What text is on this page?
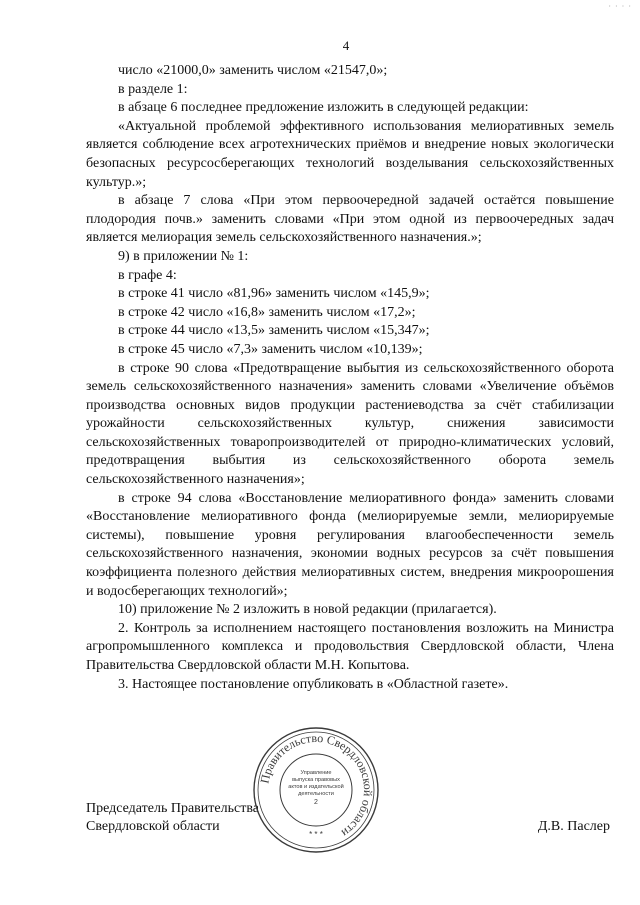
· · · ·
4

число «21000,0» заменить числом «21547,0»;

в разделе 1:

в абзаце 6 последнее предложение изложить в следующей редакции:

«Актуальной проблемой эффективного использования мелиоративных земель является соблюдение всех агротехнических приёмов и внедрение новых экологически безопасных ресурсосберегающих технологий возделывания сельскохозяйственных культур.»;

в абзаце 7 слова «При этом первоочередной задачей остаётся повышение плодородия почв.» заменить словами «При этом одной из первоочередных задач является мелиорация земель сельскохозяйственного назначения.»;

9) в приложении № 1:

в графе 4:

в строке 41 число «81,96» заменить числом «145,9»;

в строке 42 число «16,8» заменить числом «17,2»;

в строке 44 число «13,5» заменить числом «15,347»;

в строке 45 число «7,3» заменить числом «10,139»;

в строке 90 слова «Предотвращение выбытия из сельскохозяйственного оборота земель сельскохозяйственного назначения» заменить словами «Увеличение объёмов производства основных видов продукции растениеводства за счёт стабилизации урожайности сельскохозяйственных культур, снижения зависимости сельскохозяйственных товаропроизводителей от природно-климатических условий, предотвращения выбытия из сельскохозяйственного оборота земель сельскохозяйственного назначения»;

в строке 94 слова «Восстановление мелиоративного фонда» заменить словами «Восстановление мелиоративного фонда (мелиорируемые земли, мелиорируемые системы), повышение уровня регулирования влагообеспеченности земель сельскохозяйственного назначения, экономии водных ресурсов за счёт повышения коэффициента полезного действия мелиоративных систем, внедрения микроорошения и водосберегающих технологий»;

10) приложение № 2 изложить в новой редакции (прилагается).

2. Контроль за исполнением настоящего постановления возложить на Министра агропромышленного комплекса и продовольствия Свердловской области, Члена Правительства Свердловской области М.Н. Копытова.

3. Настоящее постановление опубликовать в «Областной газете».

Председатель Правительства
Свердловской области	Д.В. Паслер
Правительство Свердловской области
Управление
выпуска правовых
актов и издательской
деятельности
2
* * *
